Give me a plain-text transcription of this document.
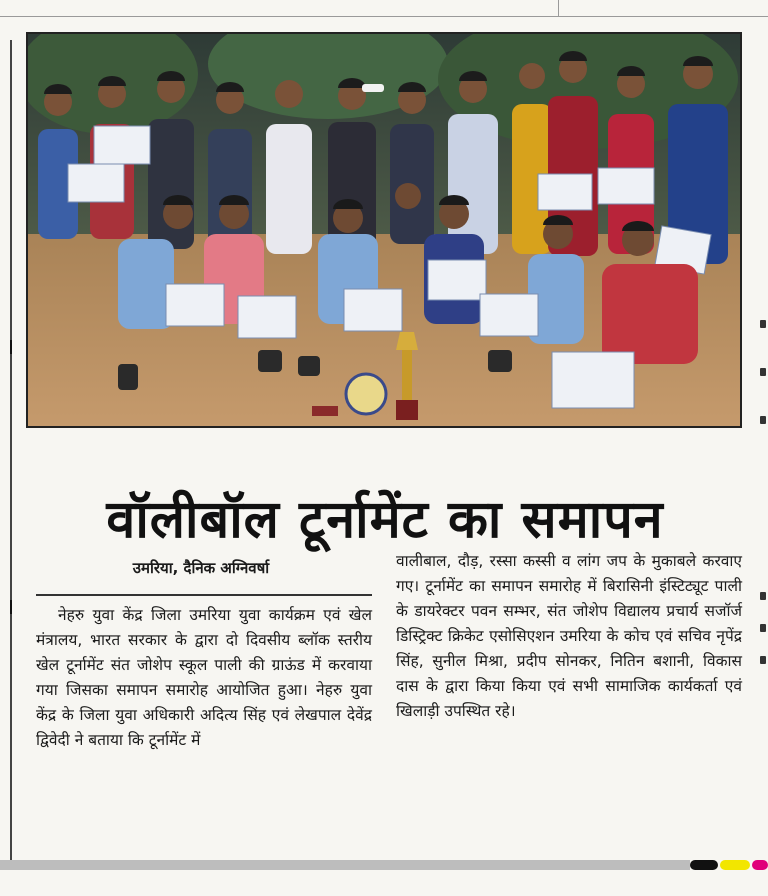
वॉलीबॉल टूर्नामेंट का समापन
उमरिया, दैनिक अग्निवर्षा

नेहरु युवा केंद्र जिला उमरिया युवा कार्यक्रम एवं खेल मंत्रालय, भारत सरकार के द्वारा दो दिवसीय ब्लॉक स्तरीय खेल टूर्नामेंट संत जोशेप स्कूल पाली की ग्राऊंड में करवाया गया जिसका समापन समारोह आयोजित हुआ। नेहरु युवा केंद्र के जिला युवा अधिकारी अदित्य सिंह एवं लेखपाल देवेंद्र द्विवेदी ने बताया कि टूर्नामेंट में

वालीबाल, दौड़, रस्सा कस्सी व लांग जप के मुकाबले करवाए गए। टूर्नामेंट का समापन समारोह में बिरासिनी इंस्टिट्यूट पाली के डायरेक्टर पवन सम्भर, संत जोशेप विद्यालय प्रचार्य सजॉर्ज डिस्ट्रिक्ट क्रिकेट एसोसिएशन उमरिया के कोच एवं सचिव नृपेंद्र सिंह, सुनील मिश्रा, प्रदीप सोनकर, नितिन बशानी, विकास दास के द्वारा किया किया एवं सभी सामाजिक कार्यकर्ता एवं खिलाड़ी उपस्थित रहे।
